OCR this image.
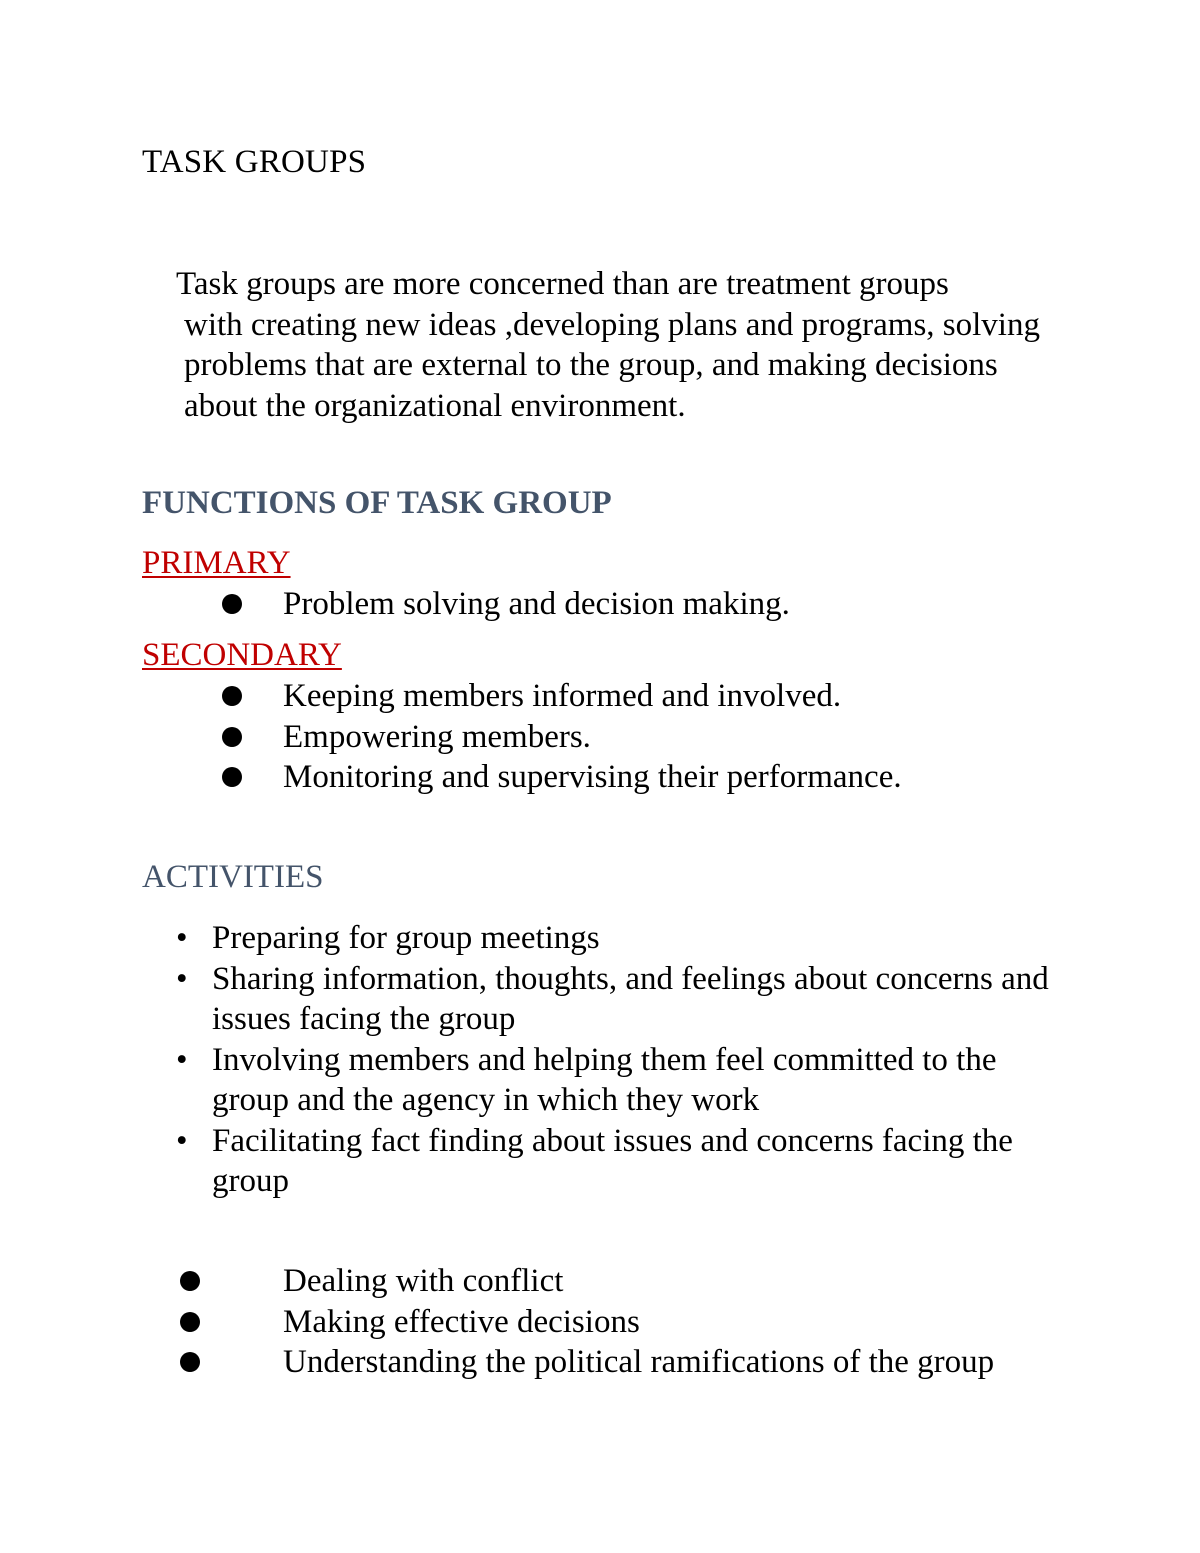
TASK GROUPS
Task groups are more concerned than are treatment groups
with creating new ideas ,developing plans and programs, solving problems that are external to the group, and making decisions about the organizational environment.
FUNCTIONS OF TASK GROUP
PRIMARY
Problem solving and decision making.
SECONDARY
Keeping members informed and involved.
Empowering members.
Monitoring and supervising their performance.
ACTIVITIES
• Preparing for group meetings
• Sharing information, thoughts, and feelings about concerns and issues facing the group
• Involving members and helping them feel committed to the group and the agency in which they work
• Facilitating fact finding about issues and concerns facing the group
Dealing with conflict
Making effective decisions
Understanding the political ramifications of the group
